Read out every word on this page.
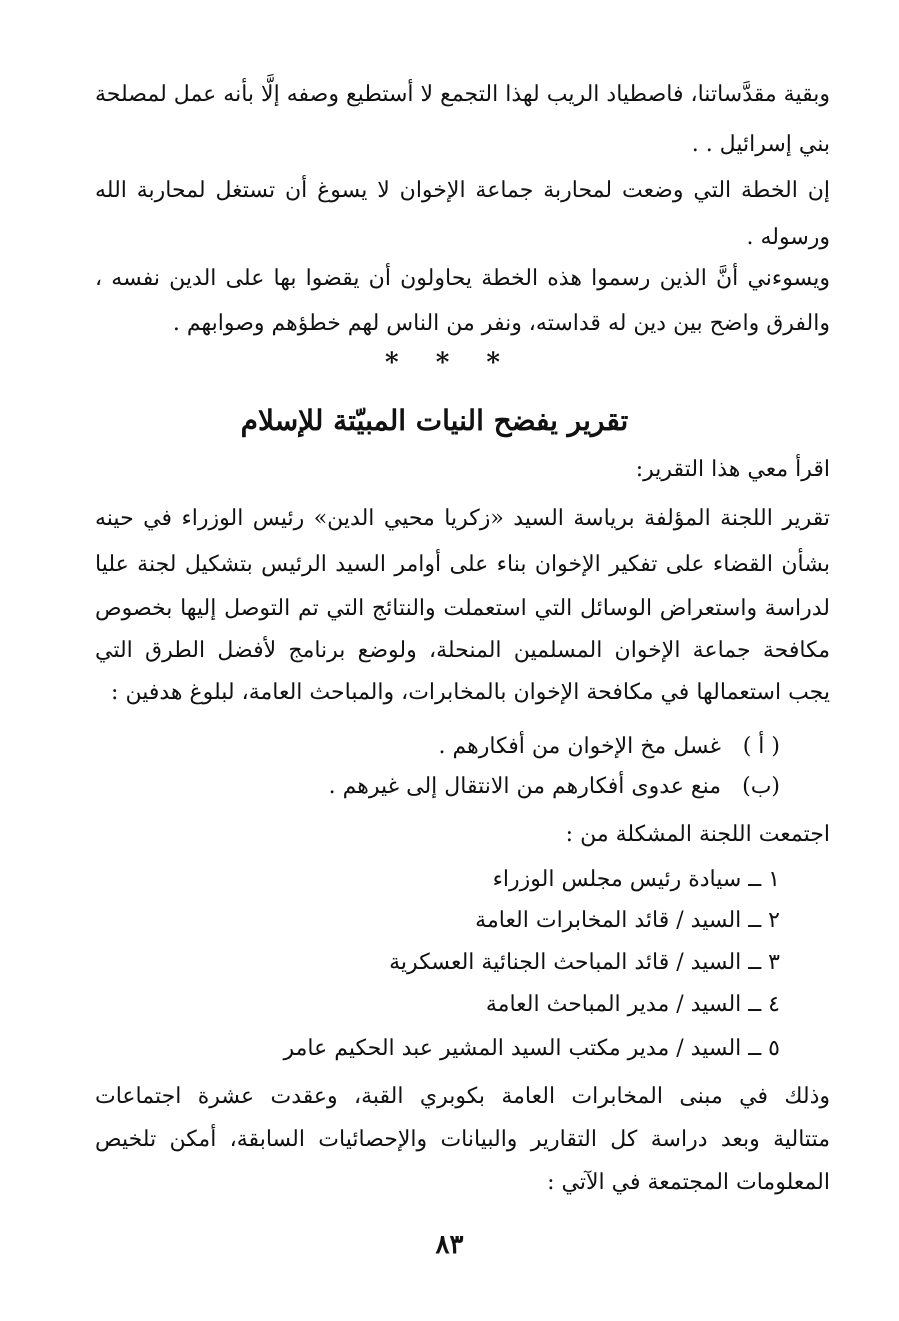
وبقية مقدَّساتنا، فاصطياد الريب لهذا التجمع لا أستطيع وصفه إلَّا بأنه عمل لمصلحة
بني إسرائيل . .
إن الخطة التي وضعت لمحاربة جماعة الإخوان لا يسوغ أن تستغل لمحاربة الله
ورسوله .
ويسوءني أنَّ الذين رسموا هذه الخطة يحاولون أن يقضوا بها على الدين نفسه ،
والفرق واضح بين دين له قداسته، ونفر من الناس لهم خطؤهم وصوابهم .
* * *
تقرير يفضح النيات المبيّتة للإسلام
اقرأ معي هذا التقرير:
تقرير اللجنة المؤلفة برياسة السيد «زكريا محيي الدين» رئيس الوزراء في حينه
بشأن القضاء على تفكير الإخوان بناء على أوامر السيد الرئيس بتشكيل لجنة عليا
لدراسة واستعراض الوسائل التي استعملت والنتائج التي تم التوصل إليها بخصوص
مكافحة جماعة الإخوان المسلمين المنحلة، ولوضع برنامج لأفضل الطرق التي
يجب استعمالها في مكافحة الإخوان بالمخابرات، والمباحث العامة، لبلوغ هدفين :
( أ ) غسل مخ الإخوان من أفكارهم .
(ب) منع عدوى أفكارهم من الانتقال إلى غيرهم .
اجتمعت اللجنة المشكلة من :
١ ــ سيادة رئيس مجلس الوزراء
٢ ــ السيد / قائد المخابرات العامة
٣ ــ السيد / قائد المباحث الجنائية العسكرية
٤ ــ السيد / مدير المباحث العامة
٥ ــ السيد / مدير مكتب السيد المشير عبد الحكيم عامر
وذلك في مبنى المخابرات العامة بكوبري القبة، وعقدت عشرة اجتماعات
متتالية وبعد دراسة كل التقارير والبيانات والإحصائيات السابقة، أمكن تلخيص
المعلومات المجتمعة في الآتي :
٨٣
